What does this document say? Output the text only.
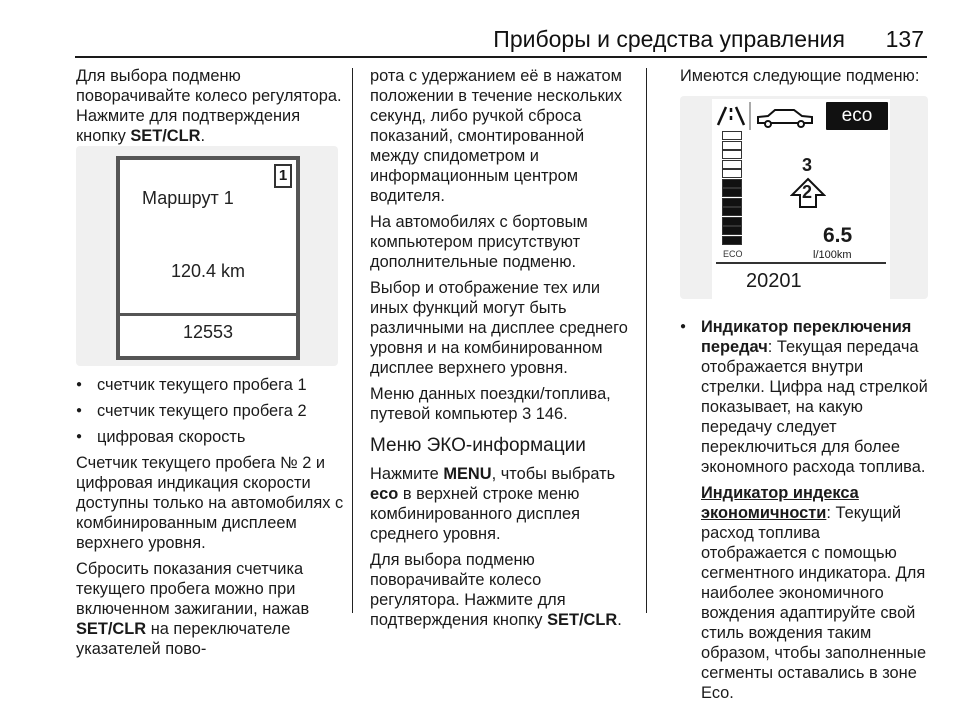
Приборы и средства управления 137

Для выбора подменю поворачивайте колесо регулятора. Нажмите для подтверждения кнопку SET/CLR.

Маршрут 1
1
120.4 km
12553
● счетчик текущего пробега 1
● счетчик текущего пробега 2
● цифровая скорость

Счетчик текущего пробега № 2 и цифровая индикация скорости доступны только на автомобилях с комбинированным дисплеем верхнего уровня.

Сбросить показания счетчика текущего пробега можно при включенном зажигании, нажав SET/CLR на переключателе указателей пово-

рота с удержанием её в нажатом положении в течение нескольких секунд, либо ручкой сброса показаний, смонтированной между спидометром и информационным центром водителя.

На автомобилях с бортовым компьютером присутствуют дополнительные подменю.

Выбор и отображение тех или иных функций могут быть различными на дисплее среднего уровня и на комбинированном дисплее верхнего уровня.

Меню данных поездки/топлива, путевой компьютер 3 146.

Меню ЭКО-информации

Нажмите MENU, чтобы выбрать eco в верхней строке меню комбинированного дисплея среднего уровня.

Для выбора подменю поворачивайте колесо регулятора. Нажмите для подтверждения кнопку SET/CLR.

Имеются следующие подменю:

eco
ECO
3
2
6.5
l/100km
20201
● Индикатор переключения передач: Текущая передача отображается внутри стрелки. Цифра над стрелкой показывает, на какую передачу следует переключиться для более экономного расхода топлива.

Индикатор индекса экономичности: Текущий расход топлива отображается с помощью сегментного индикатора. Для наиболее экономичного вождения адаптируйте свой стиль вождения таким образом, чтобы заполненные сегменты оставались в зоне Eco.
